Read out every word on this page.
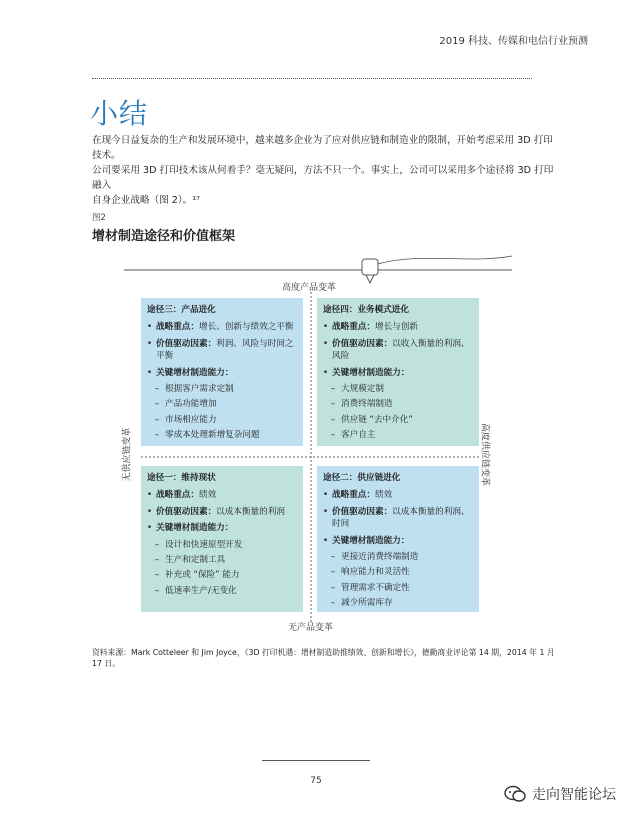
2019 科技、传媒和电信行业预测
小结

在现今日益复杂的生产和发展环境中，越来越多企业为了应对供应链和制造业的限制，开始考虑采用 3D 打印技术。

公司要采用 3D 打印技术该从何着手？毫无疑问，方法不只一个。事实上，公司可以采用多个途径将 3D 打印融入

自身企业战略（图 2）。¹⁷

图2
增材制造途径和价值框架
高度产品变革
无产品变革
无供应链变革	高度供应链变革
途径三：产品进化
• 战略重点：增长、创新与绩效之平衡
• 价值驱动因素：利润、风险与时间之平衡
• 关键增材制造能力：
– 根据客户需求定制
– 产品功能增加
– 市场相应能力
– 零成本处理新增复杂问题
途径四：业务模式进化
• 战略重点：增长与创新
• 价值驱动因素：以收入衡量的利润、风险
• 关键增材制造能力：
– 大规模定制
– 消费终端制造
– 供应链 “去中介化”
– 客户自主
途径一：维持现状
• 战略重点：绩效
• 价值驱动因素：以成本衡量的利润
• 关键增材制造能力：
– 设计和快速原型开发
– 生产和定制工具
– 补充或 “保险” 能力
– 低速率生产/无变化
途径二：供应链进化
• 战略重点：绩效
• 价值驱动因素：以成本衡量的利润、时间
• 关键增材制造能力：
– 更接近消费终端制造
– 响应能力和灵活性
– 管理需求不确定性
– 减少所需库存
资料来源：Mark Cotteleer 和 Jim Joyce，《3D 打印机遇：增材制造助推绩效、创新和增长》，德勤商业评论第 14 期，2014 年 1 月 17 日。
75
走向智能论坛
